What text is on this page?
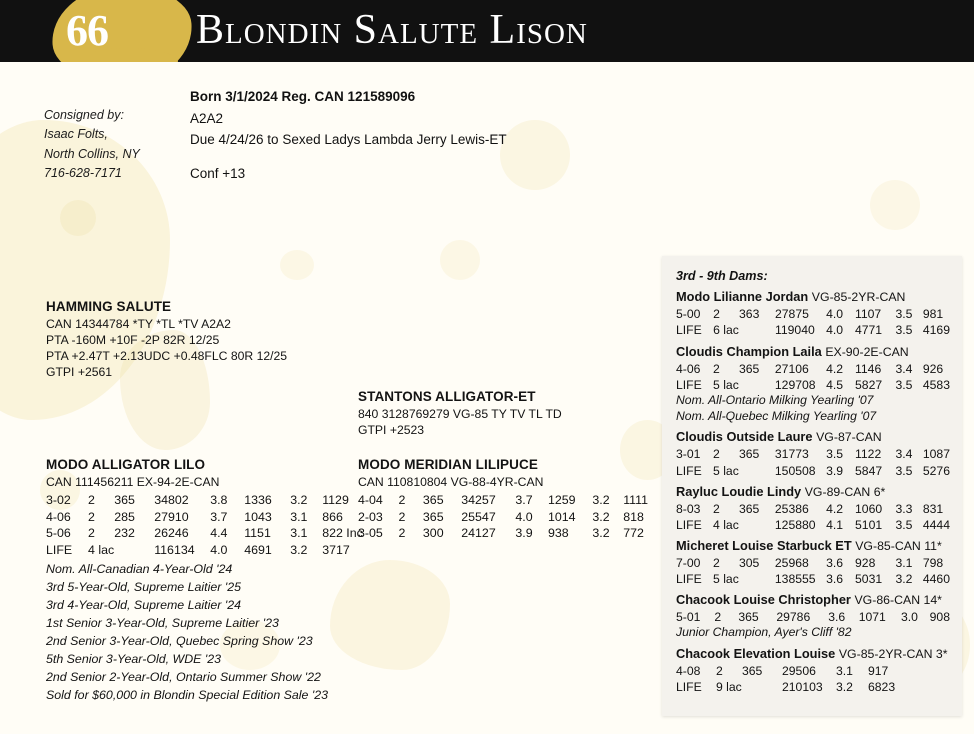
66 Blondin Salute Lison
Consigned by:
Isaac Folts,
North Collins, NY
716-628-7171
Born 3/1/2024 Reg. CAN 121589096
A2A2
Due 4/24/26 to Sexed Ladys Lambda Jerry Lewis-ET
Conf +13
HAMMING SALUTE
CAN 14344784 *TY *TL *TV A2A2
PTA -160M +10F -2P 82R 12/25
PTA +2.47T +2.13UDC +0.48FLC 80R 12/25
GTPI +2561
STANTONS ALLIGATOR-ET
840 3128769279 VG-85 TY TV TL TD
GTPI +2523
MODO ALLIGATOR LILO
CAN 111456211 EX-94-2E-CAN
3-02	2	365	34802	3.8	1336	3.2	1129
4-06	2	285	27910	3.7	1043	3.1	866
5-06	2	232	26246	4.4	1151	3.1	822 Inc
LIFE	4 lac		116134	4.0	4691	3.2	3717
Nom. All-Canadian 4-Year-Old '24
3rd 5-Year-Old, Supreme Laitier '25
3rd 4-Year-Old, Supreme Laitier '24
1st Senior 3-Year-Old, Supreme Laitier '23
2nd Senior 3-Year-Old, Quebec Spring Show '23
5th Senior 3-Year-Old, WDE '23
2nd Senior 2-Year-Old, Ontario Summer Show '22
Sold for $60,000 in Blondin Special Edition Sale '23
MODO MERIDIAN LILIPUCE
CAN 110810804 VG-88-4YR-CAN
4-04	2	365	34257	3.7	1259	3.2	1111
2-03	2	365	25547	4.0	1014	3.2	818
3-05	2	300	24127	3.9	938	3.2	772
3rd - 9th Dams:
Modo Lilianne Jordan VG-85-2YR-CAN
5-00	2	363	27875	4.0	1107	3.5	981
LIFE	6 lac		119040	4.0	4771	3.5	4169
Cloudis Champion Laila EX-90-2E-CAN
4-06	2	365	27106	4.2	1146	3.4	926
LIFE	5 lac		129708	4.5	5827	3.5	4583
Nom. All-Ontario Milking Yearling '07
Nom. All-Quebec Milking Yearling '07
Cloudis Outside Laure VG-87-CAN
3-01	2	365	31773	3.5	1122	3.4	1087
LIFE	5 lac		150508	3.9	5847	3.5	5276
Rayluc Loudie Lindy VG-89-CAN 6*
8-03	2	365	25386	4.2	1060	3.3	831
LIFE	4 lac		125880	4.1	5101	3.5	4444
Micheret Louise Starbuck ET VG-85-CAN 11*
7-00	2	305	25968	3.6	928	3.1	798
LIFE	5 lac		138555	3.6	5031	3.2	4460
Chacook Louise Christopher VG-86-CAN 14*
5-01	2	365	29786	3.6	1071	3.0	908
Junior Champion, Ayer's Cliff '82
Chacook Elevation Louise VG-85-2YR-CAN 3*
4-08	2	365	29506	3.1	917		
LIFE	9 lac		210103	3.2	6823		
